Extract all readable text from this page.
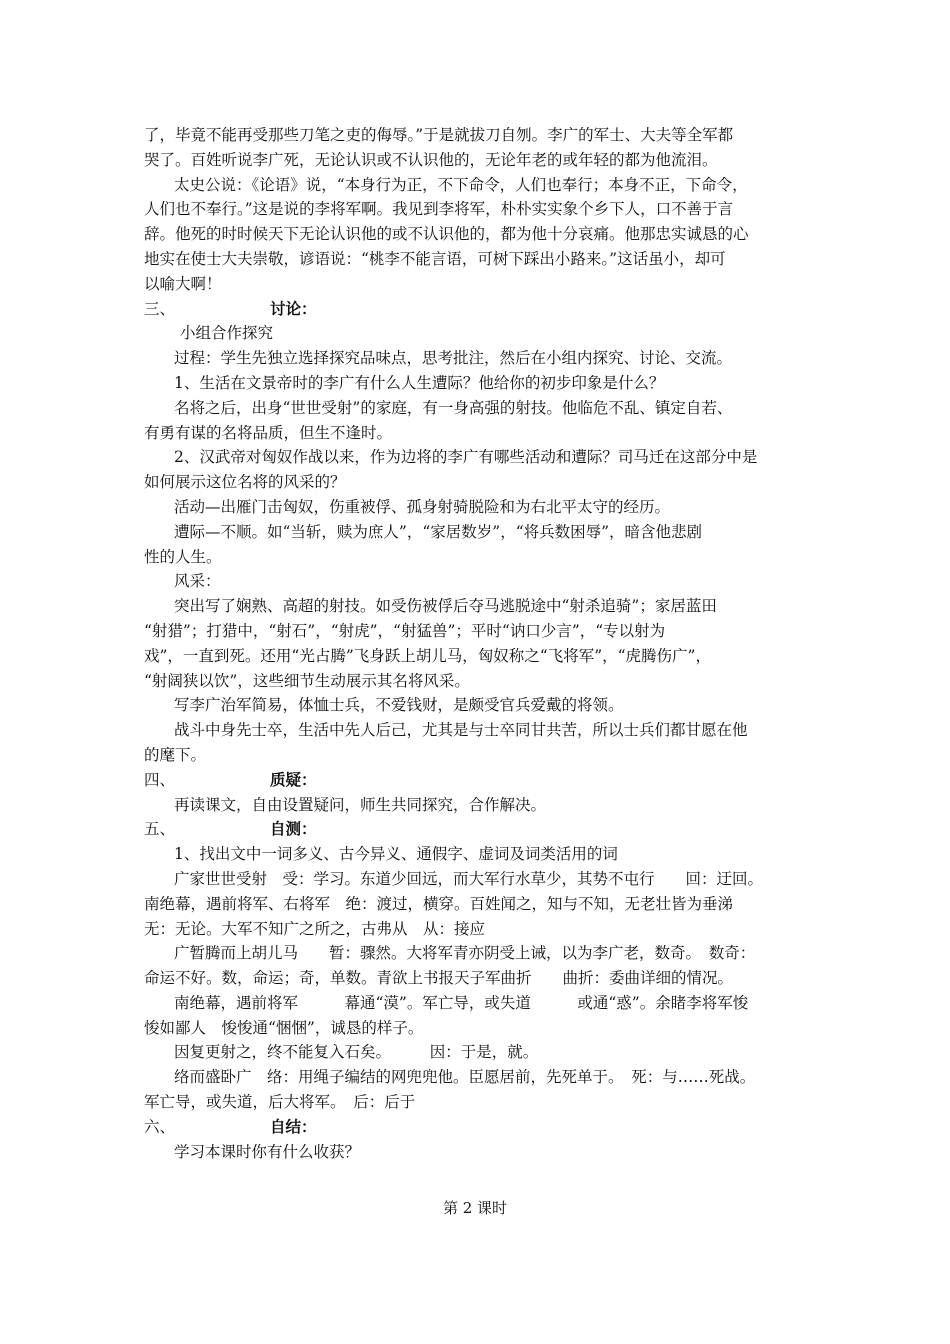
了，毕竟不能再受那些刀笔之吏的侮辱。”于是就拔刀自刎。李广的军士、大夫等全军都
哭了。百姓听说李广死，无论认识或不认识他的，无论年老的或年轻的都为他流泪。
太史公说：《论语》说，“本身行为正，不下命令，人们也奉行；本身不正，下命令，
人们也不奉行。”这是说的李将军啊。我见到李将军，朴朴实实象个乡下人，口不善于言
辞。他死的时时候天下无论认识他的或不认识他的，都为他十分哀痛。他那忠实诚恳的心
地实在使士大夫崇敬，谚语说：“桃李不能言语，可树下踩出小路来。”这话虽小，却可
以喻大啊！
三、	讨论：
小组合作探究
过程：学生先独立选择探究品味点，思考批注，然后在小组内探究、讨论、交流。
1、生活在文景帝时的李广有什么人生遭际？他给你的初步印象是什么？
名将之后，出身“世世受射”的家庭，有一身高强的射技。他临危不乱、镇定自若、
有勇有谋的名将品质，但生不逢时。
2、汉武帝对匈奴作战以来，作为边将的李广有哪些活动和遭际？司马迁在这部分中是
如何展示这位名将的风采的？
活动—出雁门击匈奴，伤重被俘、孤身射骑脱险和为右北平太守的经历。
遭际—不顺。如“当斩，赎为庶人”，“家居数岁”，“将兵数困辱”，暗含他悲剧
性的人生。
风采：
突出写了娴熟、高超的射技。如受伤被俘后夺马逃脱途中“射杀追骑”；家居蓝田
“射猎”；打猎中，“射石”，“射虎”，“射猛兽”；平时“讷口少言”，“专以射为
戏”，一直到死。还用“光占腾”飞身跃上胡儿马，匈奴称之“飞将军”，“虎腾伤广”，
“射阔狭以饮”，这些细节生动展示其名将风采。
写李广治军简易，体恤士兵，不爱钱财，是颇受官兵爱戴的将领。
战斗中身先士卒，生活中先人后己，尤其是与士卒同甘共苦，所以士兵们都甘愿在他
的麾下。
四、	质疑：
再读课文，自由设置疑问，师生共同探究，合作解决。
五、	自测：
1、找出文中一词多义、古今异义、通假字、虚词及词类活用的词
广家世世受射　受：学习。东道少回远，而大军行水草少，其势不屯行　　回：迂回。
南绝幕，遇前将军、右将军　绝：渡过，横穿。百姓闻之，知与不知，无老壮皆为垂涕
无：无论。大军不知广之所之，古弗从　从：接应
广暂腾而上胡儿马　　暂：骤然。大将军青亦阴受上诫，以为李广老，数奇。　数奇：
命运不好。数，命运；奇，单数。青欲上书报天子军曲折　　曲折：委曲详细的情况。
南绝幕，遇前将军　　　幕通“漠”。军亡导，或失道　　　或通“惑”。余睹李将军悛
悛如鄙人　悛悛通“悃悃”，诚恳的样子。
因复更射之，终不能复入石矣。　　　因：于是，就。
络而盛卧广　络：用绳子编结的网兜兜他。臣愿居前，先死单于。　死：与……死战。
军亡导，或失道，后大将军。　后：后于
六、	自结：
学习本课时你有什么收获？
第 2 课时
